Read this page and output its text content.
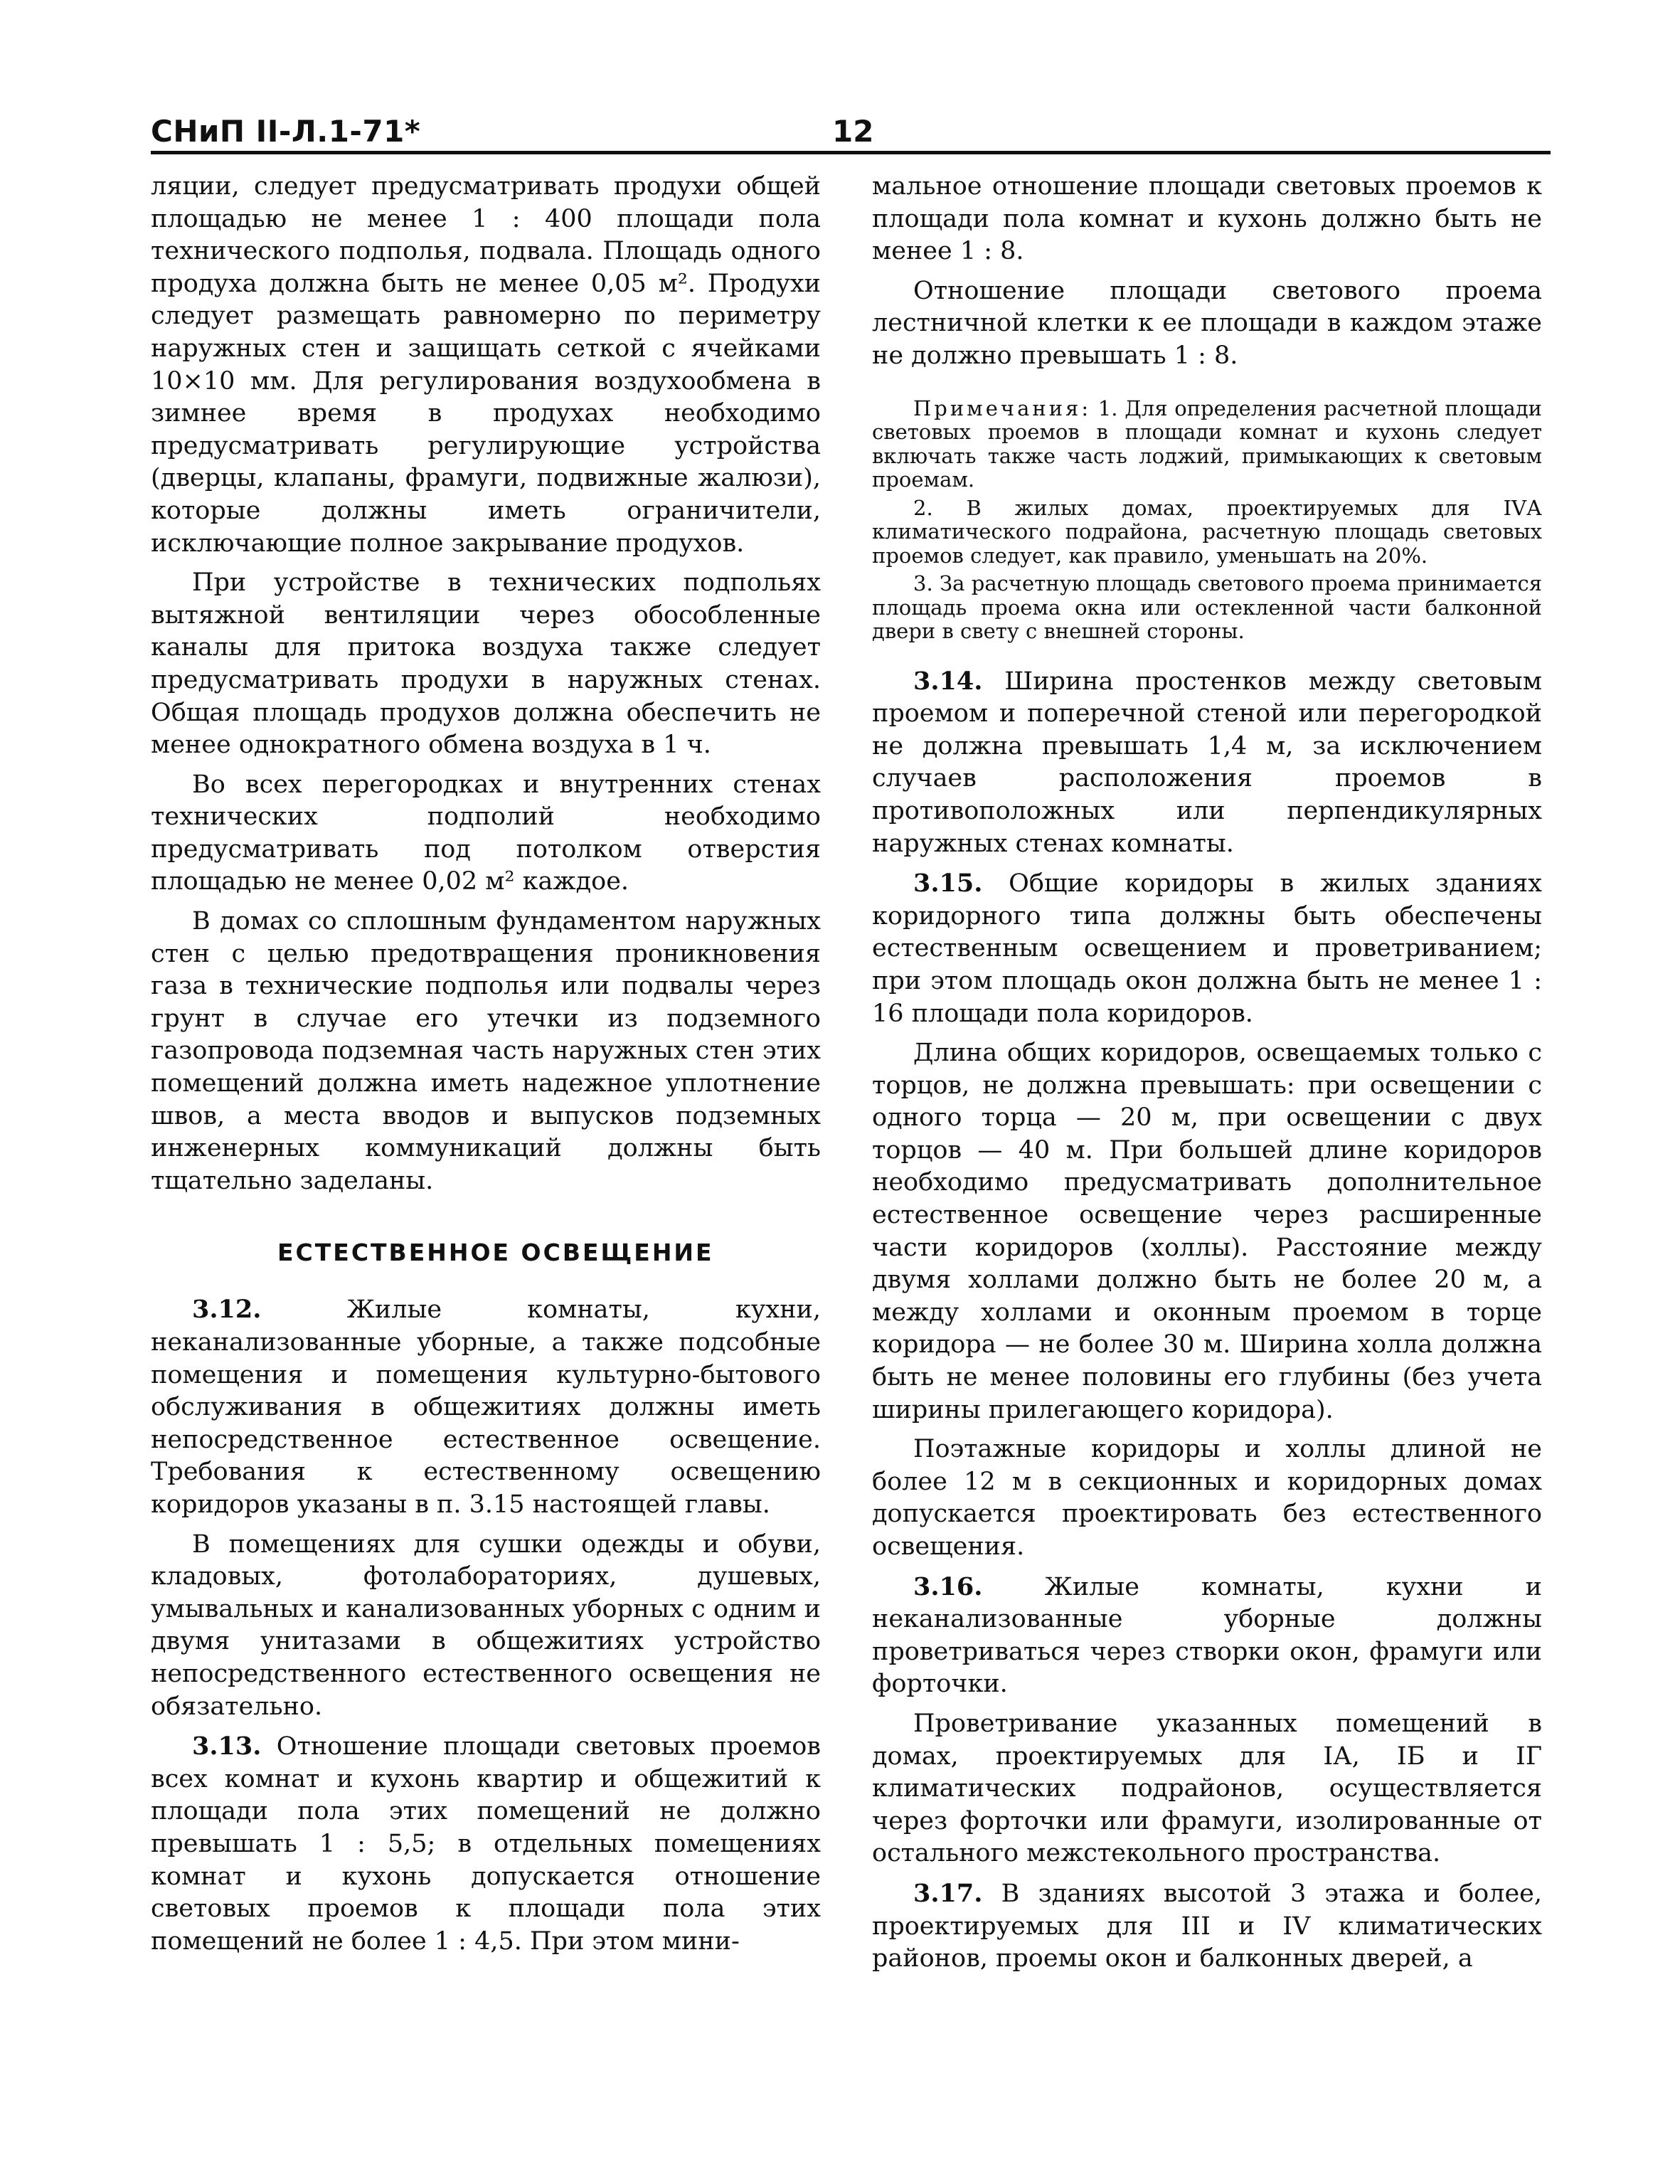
СНиП II-Л.1-71*	12

ляции, следует предусматривать продухи общей площадью не менее 1 : 400 площади пола технического подполья, подвала. Площадь одного продуха должна быть не менее 0,05 м². Продухи следует размещать равномерно по периметру наружных стен и защищать сеткой с ячейками 10×10 мм. Для регулирования воздухообмена в зимнее время в продухах необходимо предусматривать регулирующие устройства (дверцы, клапаны, фрамуги, подвижные жалюзи), которые должны иметь ограничители, исключающие полное закрывание продухов.

При устройстве в технических подпольях вытяжной вентиляции через обособленные каналы для притока воздуха также следует предусматривать продухи в наружных стенах. Общая площадь продухов должна обеспечить не менее однократного обмена воздуха в 1 ч.

Во всех перегородках и внутренних стенах технических подполий необходимо предусматривать под потолком отверстия площадью не менее 0,02 м² каждое.

В домах со сплошным фундаментом наружных стен с целью предотвращения проникновения газа в технические подполья или подвалы через грунт в случае его утечки из подземного газопровода подземная часть наружных стен этих помещений должна иметь надежное уплотнение швов, а места вводов и выпусков подземных инженерных коммуникаций должны быть тщательно заделаны.

ЕСТЕСТВЕННОЕ ОСВЕЩЕНИЕ

3.12. Жилые комнаты, кухни, неканализованные уборные, а также подсобные помещения и помещения культурно-бытового обслуживания в общежитиях должны иметь непосредственное естественное освещение. Требования к естественному освещению коридоров указаны в п. 3.15 настоящей главы.

В помещениях для сушки одежды и обуви, кладовых, фотолабораториях, душевых, умывальных и канализованных уборных с одним и двумя унитазами в общежитиях устройство непосредственного естественного освещения не обязательно.

3.13. Отношение площади световых проемов всех комнат и кухонь квартир и общежитий к площади пола этих помещений не должно превышать 1 : 5,5; в отдельных помещениях комнат и кухонь допускается отношение световых проемов к площади пола этих помещений не более 1 : 4,5. При этом мини-

мальное отношение площади световых проемов к площади пола комнат и кухонь должно быть не менее 1 : 8.

Отношение площади светового проема лестничной клетки к ее площади в каждом этаже не должно превышать 1 : 8.

Примечания: 1. Для определения расчетной площади световых проемов в площади комнат и кухонь следует включать также часть лоджий, примыкающих к световым проемам.

2. В жилых домах, проектируемых для IVА климатического подрайона, расчетную площадь световых проемов следует, как правило, уменьшать на 20%.

3. За расчетную площадь светового проема принимается площадь проема окна или остекленной части балконной двери в свету с внешней стороны.

3.14. Ширина простенков между световым проемом и поперечной стеной или перегородкой не должна превышать 1,4 м, за исключением случаев расположения проемов в противоположных или перпендикулярных наружных стенах комнаты.

3.15. Общие коридоры в жилых зданиях коридорного типа должны быть обеспечены естественным освещением и проветриванием; при этом площадь окон должна быть не менее 1 : 16 площади пола коридоров.

Длина общих коридоров, освещаемых только с торцов, не должна превышать: при освещении с одного торца — 20 м, при освещении с двух торцов — 40 м. При большей длине коридоров необходимо предусматривать дополнительное естественное освещение через расширенные части коридоров (холлы). Расстояние между двумя холлами должно быть не более 20 м, а между холлами и оконным проемом в торце коридора — не более 30 м. Ширина холла должна быть не менее половины его глубины (без учета ширины прилегающего коридора).

Поэтажные коридоры и холлы длиной не более 12 м в секционных и коридорных домах допускается проектировать без естественного освещения.

3.16. Жилые комнаты, кухни и неканализованные уборные должны проветриваться через створки окон, фрамуги или форточки.

Проветривание указанных помещений в домах, проектируемых для IА, IБ и IГ климатических подрайонов, осуществляется через форточки или фрамуги, изолированные от остального межстекольного пространства.

3.17. В зданиях высотой 3 этажа и более, проектируемых для III и IV климатических районов, проемы окон и балконных дверей, а
